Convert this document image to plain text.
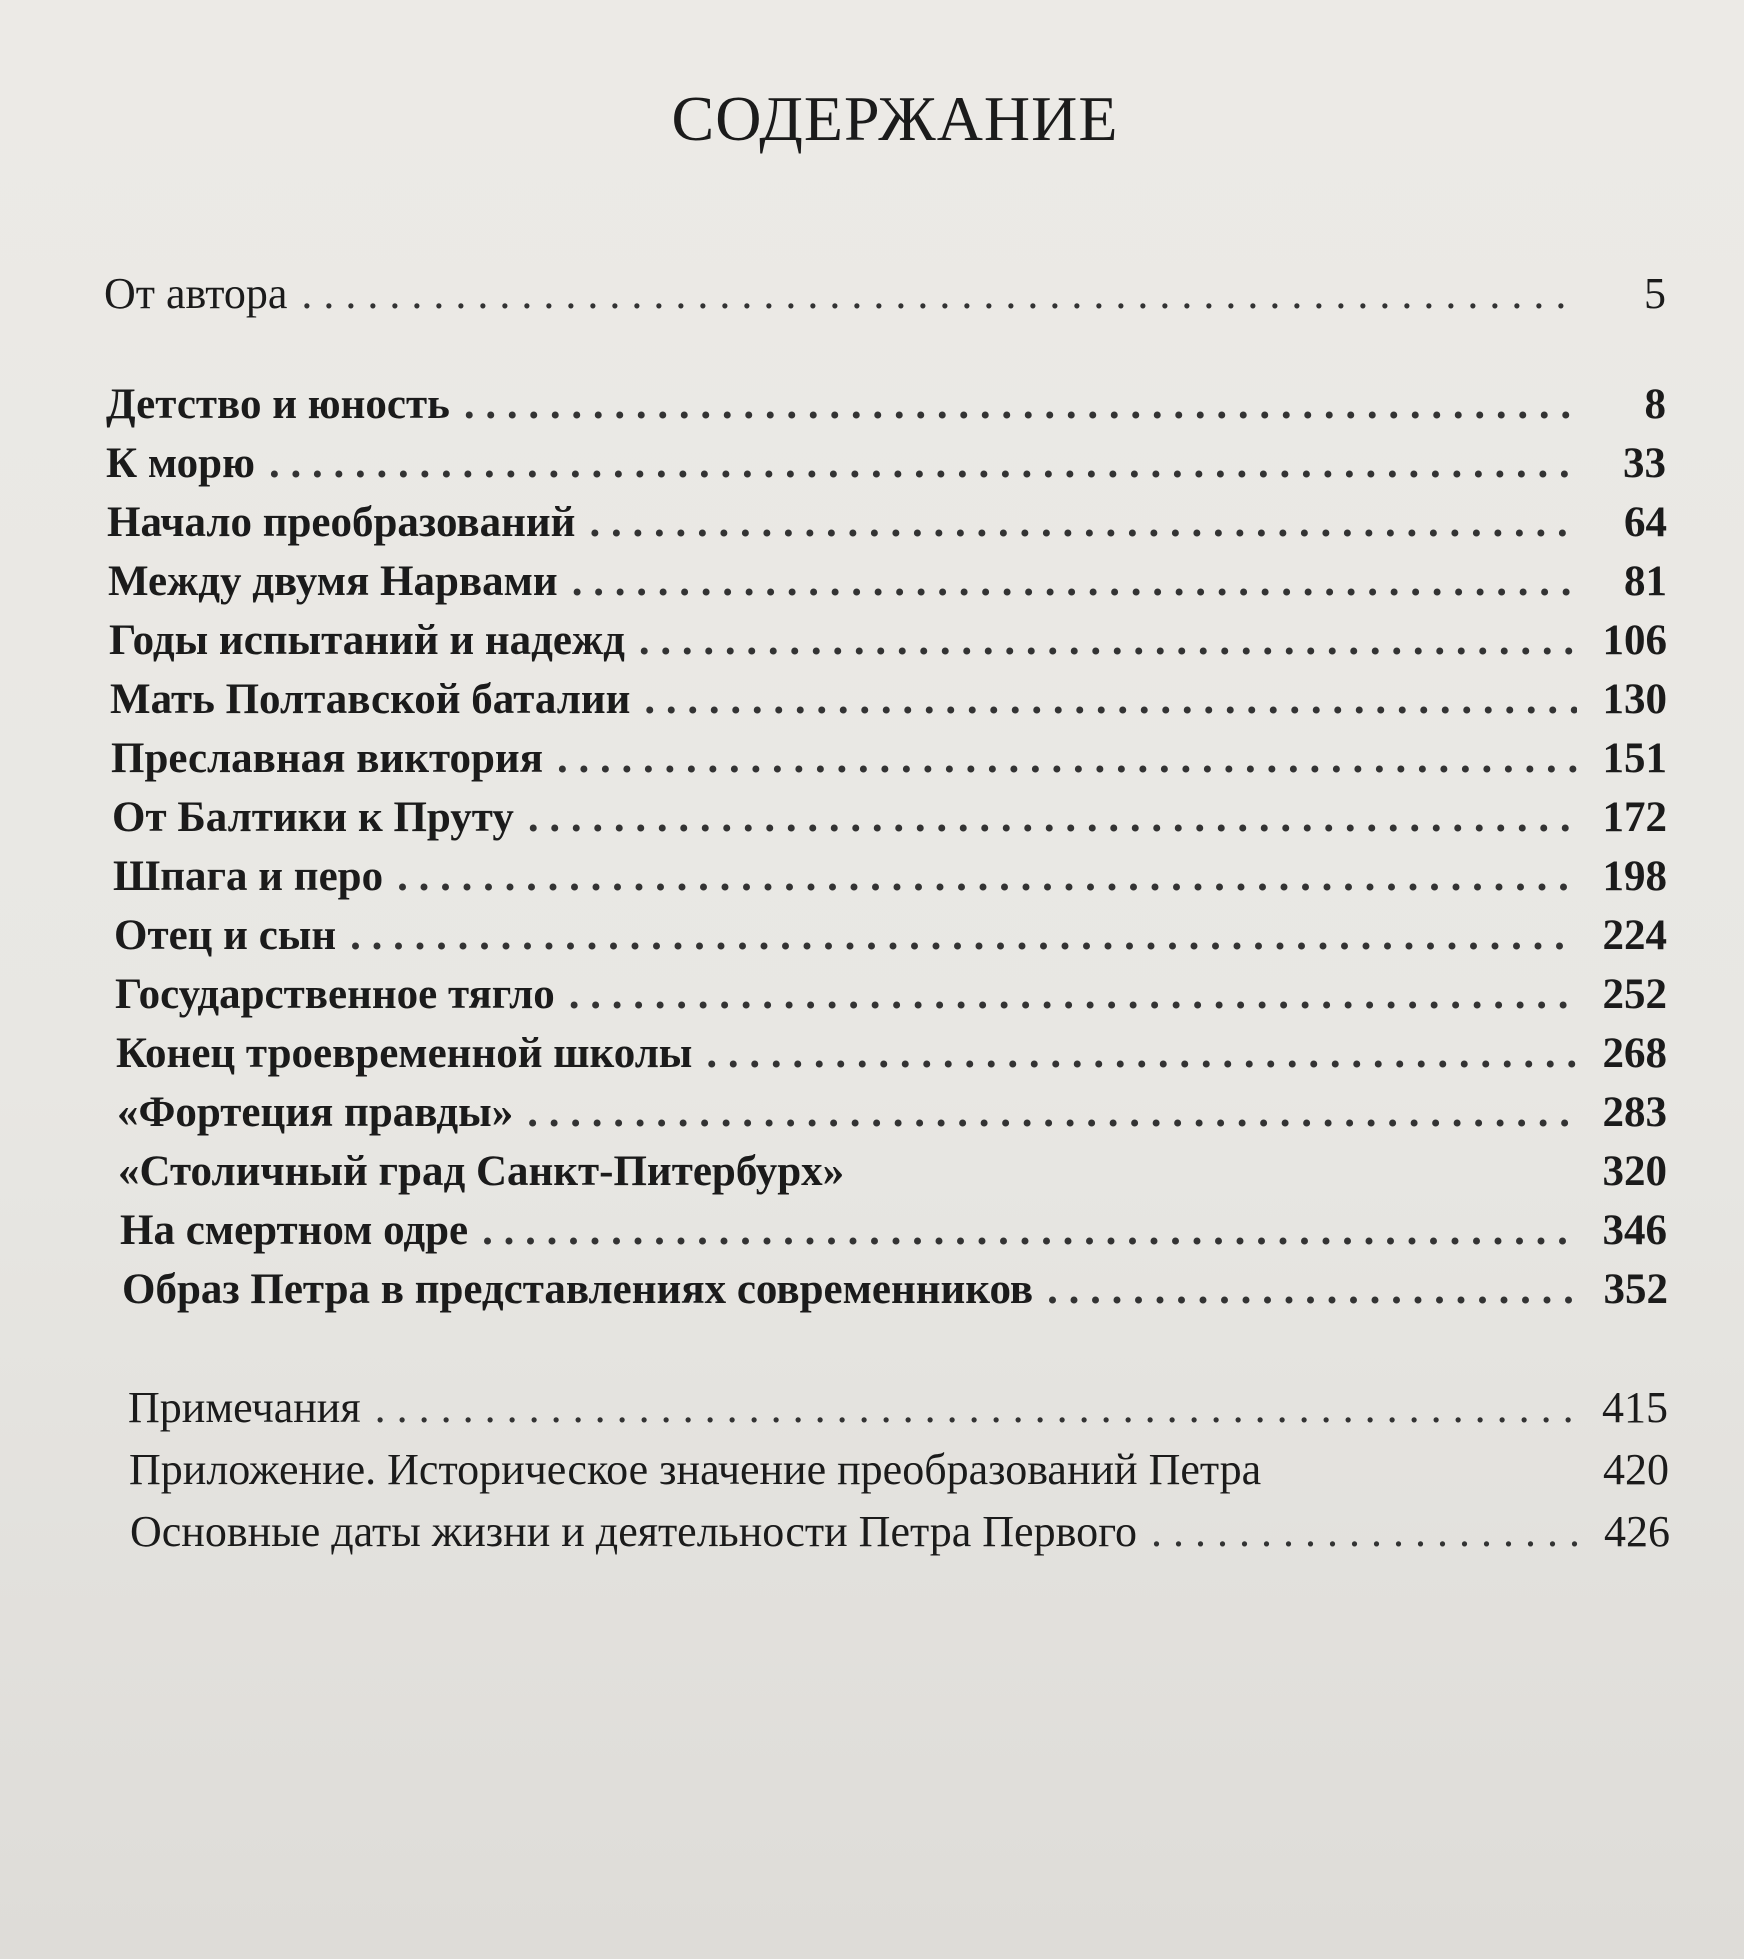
СОДЕРЖАНИЕ
От автора . . .	5
Детство и юность . . .	8
К морю . . .	33
Начало преобразований . . .	64
Между двумя Нарвами . . .	81
Годы испытаний и надежд . . .	106
Мать Полтавской баталии . . .	130
Преславная виктория . . .	151
От Балтики к Пруту . . .	172
Шпага и перо . . .	198
Отец и сын . . .	224
Государственное тягло . . .	252
Конец троевременной школы . . .	268
«Фортеция правды» . . .	283
«Столичный град Санкт-Питербурх»	320
На смертном одре . . .	346
Образ Петра в представлениях современников . . .	352
Примечания . . .	415
Приложение. Историческое значение преобразований Петра	420
Основные даты жизни и деятельности Петра Первого . . .	426
